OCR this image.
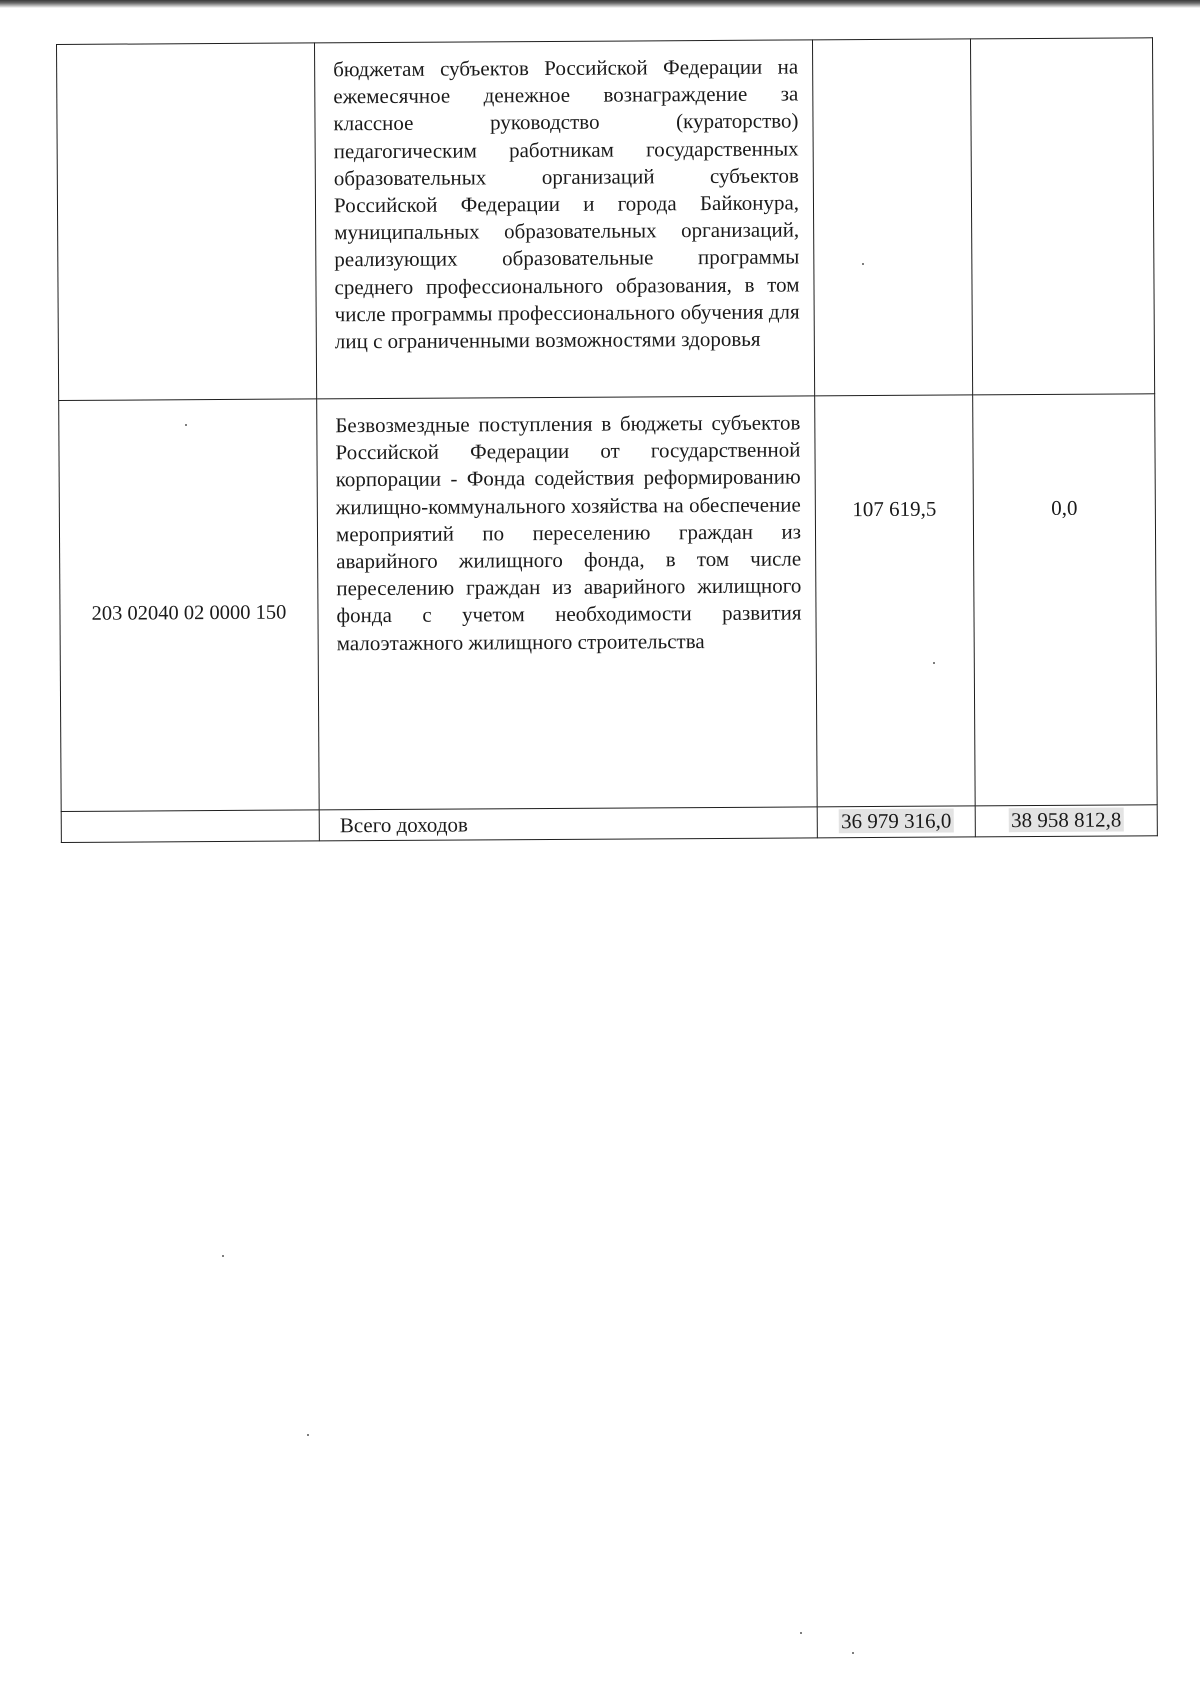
	бюджетам субъектов Российской Федерации на ежемесячное денежное вознаграждение за классное руководство (кураторство) педагогическим работникам государственных образовательных организаций субъектов Российской Федерации и города Байконура, муниципальных образовательных организаций, реализующих образовательные программы среднего профессионального образования, в том числе программы профессионального обучения для лиц с ограниченными возможностями здоровья		
203 02040 02 0000 150	Безвозмездные поступления в бюджеты субъектов Российской Федерации от государственной корпорации - Фонда содействия реформированию жилищно-коммунального хозяйства на обеспечение мероприятий по переселению граждан из аварийного жилищного фонда, в том числе переселению граждан из аварийного жилищного фонда с учетом необходимости развития малоэтажного жилищного строительства	107 619,5	0,0
	Всего доходов	36 979 316,0	38 958 812,8
